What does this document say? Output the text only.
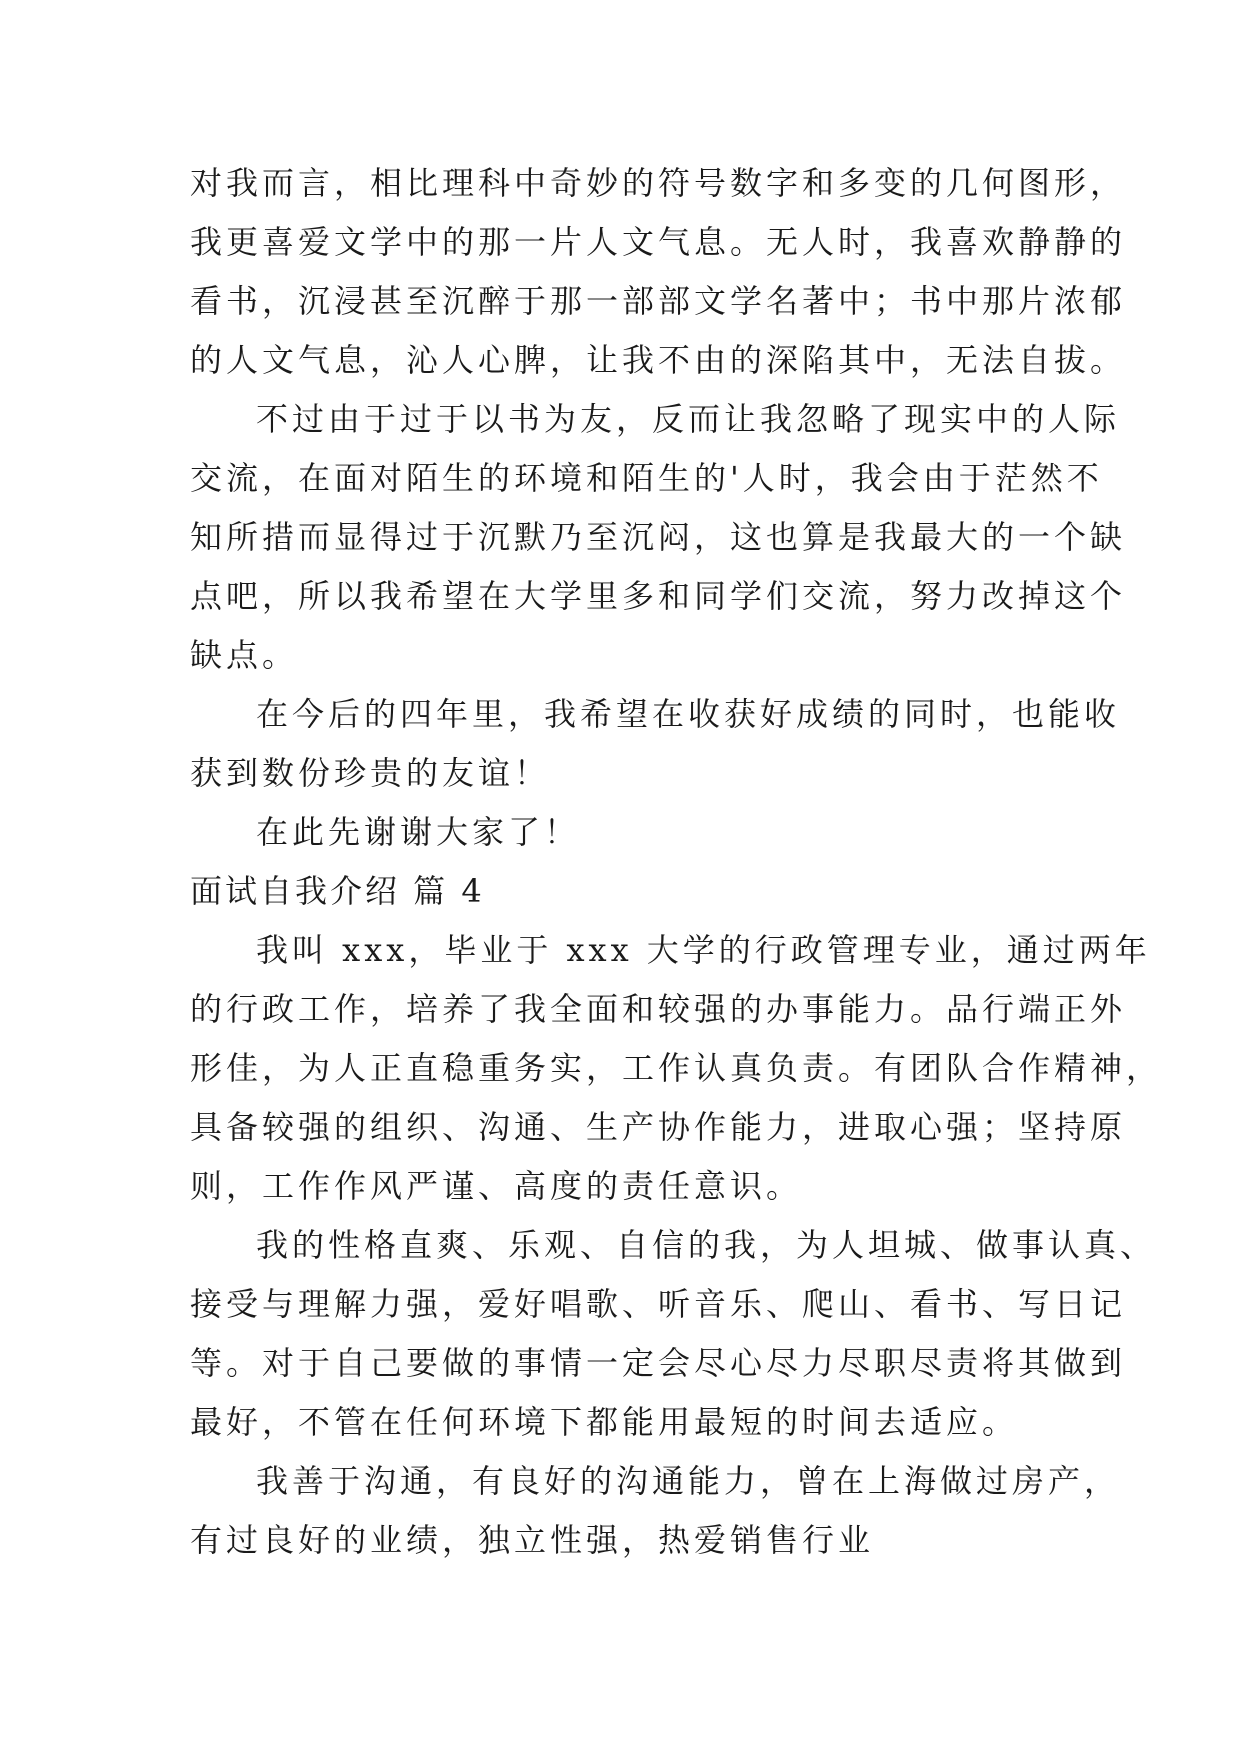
对我而言，相比理科中奇妙的符号数字和多变的几何图形，
我更喜爱文学中的那一片人文气息。无人时，我喜欢静静的
看书，沉浸甚至沉醉于那一部部文学名著中；书中那片浓郁
的人文气息，沁人心脾，让我不由的深陷其中，无法自拔。
不过由于过于以书为友，反而让我忽略了现实中的人际
交流，在面对陌生的环境和陌生的'人时，我会由于茫然不
知所措而显得过于沉默乃至沉闷，这也算是我最大的一个缺
点吧，所以我希望在大学里多和同学们交流，努力改掉这个
缺点。
在今后的四年里，我希望在收获好成绩的同时，也能收
获到数份珍贵的友谊！
在此先谢谢大家了！
面试自我介绍 篇 4
我叫 xxx，毕业于 xxx 大学的行政管理专业，通过两年
的行政工作，培养了我全面和较强的办事能力。品行端正外
形佳，为人正直稳重务实，工作认真负责。有团队合作精神，
具备较强的组织、沟通、生产协作能力，进取心强；坚持原
则，工作作风严谨、高度的责任意识。
我的性格直爽、乐观、自信的我，为人坦城、做事认真、
接受与理解力强，爱好唱歌、听音乐、爬山、看书、写日记
等。对于自己要做的事情一定会尽心尽力尽职尽责将其做到
最好，不管在任何环境下都能用最短的时间去适应。
我善于沟通，有良好的沟通能力，曾在上海做过房产，
有过良好的业绩，独立性强，热爱销售行业
